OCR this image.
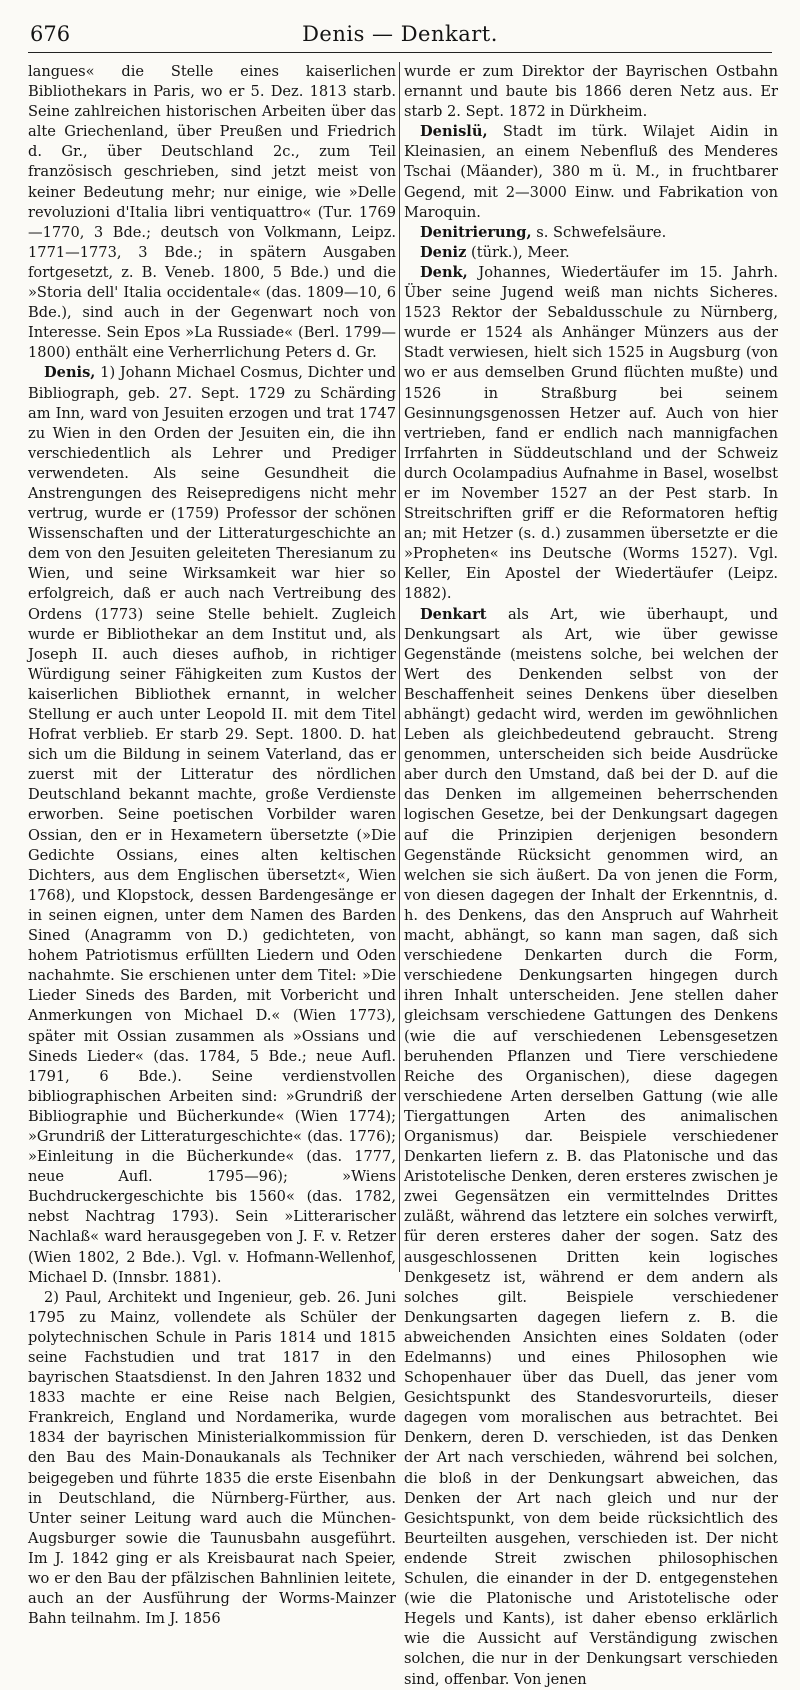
676	Denis — Denkart.

langues« die Stelle eines kaiserlichen Bibliothekars in Paris, wo er 5. Dez. 1813 starb. Seine zahlreichen historischen Arbeiten über das alte Griechenland, über Preußen und Friedrich d. Gr., über Deutschland 2c., zum Teil französisch geschrieben, sind jetzt meist von keiner Bedeutung mehr; nur einige, wie »Delle revoluzioni d'Italia libri ventiquattro« (Tur. 1769—1770, 3 Bde.; deutsch von Volkmann, Leipz. 1771—1773, 3 Bde.; in spätern Ausgaben fortgesetzt, z. B. Veneb. 1800, 5 Bde.) und die »Storia dell' Italia occidentale« (das. 1809—10, 6 Bde.), sind auch in der Gegenwart noch von Interesse. Sein Epos »La Russiade« (Berl. 1799—1800) enthält eine Verherrlichung Peters d. Gr.

Denis, 1) Johann Michael Cosmus, Dichter und Bibliograph, geb. 27. Sept. 1729 zu Schärding am Inn, ward von Jesuiten erzogen und trat 1747 zu Wien in den Orden der Jesuiten ein, die ihn verschiedentlich als Lehrer und Prediger verwendeten. Als seine Gesundheit die Anstrengungen des Reisepredigens nicht mehr vertrug, wurde er (1759) Professor der schönen Wissenschaften und der Litteraturgeschichte an dem von den Jesuiten geleiteten Theresianum zu Wien, und seine Wirksamkeit war hier so erfolgreich, daß er auch nach Vertreibung des Ordens (1773) seine Stelle behielt. Zugleich wurde er Bibliothekar an dem Institut und, als Joseph II. auch dieses aufhob, in richtiger Würdigung seiner Fähigkeiten zum Kustos der kaiserlichen Bibliothek ernannt, in welcher Stellung er auch unter Leopold II. mit dem Titel Hofrat verblieb. Er starb 29. Sept. 1800. D. hat sich um die Bildung in seinem Vaterland, das er zuerst mit der Litteratur des nördlichen Deutschland bekannt machte, große Verdienste erworben. Seine poetischen Vorbilder waren Ossian, den er in Hexametern übersetzte (»Die Gedichte Ossians, eines alten keltischen Dichters, aus dem Englischen übersetzt«, Wien 1768), und Klopstock, dessen Bardengesänge er in seinen eignen, unter dem Namen des Barden Sined (Anagramm von D.) gedichteten, von hohem Patriotismus erfüllten Liedern und Oden nachahmte. Sie erschienen unter dem Titel: »Die Lieder Sineds des Barden, mit Vorbericht und Anmerkungen von Michael D.« (Wien 1773), später mit Ossian zusammen als »Ossians und Sineds Lieder« (das. 1784, 5 Bde.; neue Aufl. 1791, 6 Bde.). Seine verdienstvollen bibliographischen Arbeiten sind: »Grundriß der Bibliographie und Bücherkunde« (Wien 1774); »Grundriß der Litteraturgeschichte« (das. 1776); »Einleitung in die Bücherkunde« (das. 1777, neue Aufl. 1795—96); »Wiens Buchdruckergeschichte bis 1560« (das. 1782, nebst Nachtrag 1793). Sein »Litterarischer Nachlaß« ward herausgegeben von J. F. v. Retzer (Wien 1802, 2 Bde.). Vgl. v. Hofmann-Wellenhof, Michael D. (Innsbr. 1881).

2) Paul, Architekt und Ingenieur, geb. 26. Juni 1795 zu Mainz, vollendete als Schüler der polytechnischen Schule in Paris 1814 und 1815 seine Fachstudien und trat 1817 in den bayrischen Staatsdienst. In den Jahren 1832 und 1833 machte er eine Reise nach Belgien, Frankreich, England und Nordamerika, wurde 1834 der bayrischen Ministerialkommission für den Bau des Main-Donaukanals als Techniker beigegeben und führte 1835 die erste Eisenbahn in Deutschland, die Nürnberg-Fürther, aus. Unter seiner Leitung ward auch die München-Augsburger sowie die Taunusbahn ausgeführt. Im J. 1842 ging er als Kreisbaurat nach Speier, wo er den Bau der pfälzischen Bahnlinien leitete, auch an der Ausführung der Worms-Mainzer Bahn teilnahm. Im J. 1856

wurde er zum Direktor der Bayrischen Ostbahn ernannt und baute bis 1866 deren Netz aus. Er starb 2. Sept. 1872 in Dürkheim.

Denislü, Stadt im türk. Wilajet Aidin in Kleinasien, an einem Nebenfluß des Menderes Tschai (Mäander), 380 m ü. M., in fruchtbarer Gegend, mit 2—3000 Einw. und Fabrikation von Maroquin.

Denitrierung, s. Schwefelsäure.

Deniz (türk.), Meer.

Denk, Johannes, Wiedertäufer im 15. Jahrh. Über seine Jugend weiß man nichts Sicheres. 1523 Rektor der Sebaldusschule zu Nürnberg, wurde er 1524 als Anhänger Münzers aus der Stadt verwiesen, hielt sich 1525 in Augsburg (von wo er aus demselben Grund flüchten mußte) und 1526 in Straßburg bei seinem Gesinnungsgenossen Hetzer auf. Auch von hier vertrieben, fand er endlich nach mannigfachen Irrfahrten in Süddeutschland und der Schweiz durch Ocolampadius Aufnahme in Basel, woselbst er im November 1527 an der Pest starb. In Streitschriften griff er die Reformatoren heftig an; mit Hetzer (s. d.) zusammen übersetzte er die »Propheten« ins Deutsche (Worms 1527). Vgl. Keller, Ein Apostel der Wiedertäufer (Leipz. 1882).

Denkart als Art, wie überhaupt, und Denkungsart als Art, wie über gewisse Gegenstände (meistens solche, bei welchen der Wert des Denkenden selbst von der Beschaffenheit seines Denkens über dieselben abhängt) gedacht wird, werden im gewöhnlichen Leben als gleichbedeutend gebraucht. Streng genommen, unterscheiden sich beide Ausdrücke aber durch den Umstand, daß bei der D. auf die das Denken im allgemeinen beherrschenden logischen Gesetze, bei der Denkungsart dagegen auf die Prinzipien derjenigen besondern Gegenstände Rücksicht genommen wird, an welchen sie sich äußert. Da von jenen die Form, von diesen dagegen der Inhalt der Erkenntnis, d. h. des Denkens, das den Anspruch auf Wahrheit macht, abhängt, so kann man sagen, daß sich verschiedene Denkarten durch die Form, verschiedene Denkungsarten hingegen durch ihren Inhalt unterscheiden. Jene stellen daher gleichsam verschiedene Gattungen des Denkens (wie die auf verschiedenen Lebensgesetzen beruhenden Pflanzen und Tiere verschiedene Reiche des Organischen), diese dagegen verschiedene Arten derselben Gattung (wie alle Tiergattungen Arten des animalischen Organismus) dar. Beispiele verschiedener Denkarten liefern z. B. das Platonische und das Aristotelische Denken, deren ersteres zwischen je zwei Gegensätzen ein vermittelndes Drittes zuläßt, während das letztere ein solches verwirft, für deren ersteres daher der sogen. Satz des ausgeschlossenen Dritten kein logisches Denkgesetz ist, während er dem andern als solches gilt. Beispiele verschiedener Denkungsarten dagegen liefern z. B. die abweichenden Ansichten eines Soldaten (oder Edelmanns) und eines Philosophen wie Schopenhauer über das Duell, das jener vom Gesichtspunkt des Standesvorurteils, dieser dagegen vom moralischen aus betrachtet. Bei Denkern, deren D. verschieden, ist das Denken der Art nach verschieden, während bei solchen, die bloß in der Denkungsart abweichen, das Denken der Art nach gleich und nur der Gesichtspunkt, von dem beide rücksichtlich des Beurteilten ausgehen, verschieden ist. Der nicht endende Streit zwischen philosophischen Schulen, die einander in der D. entgegenstehen (wie die Platonische und Aristotelische oder Hegels und Kants), ist daher ebenso erklärlich wie die Aussicht auf Verständigung zwischen solchen, die nur in der Denkungsart verschieden sind, offenbar. Von jenen
